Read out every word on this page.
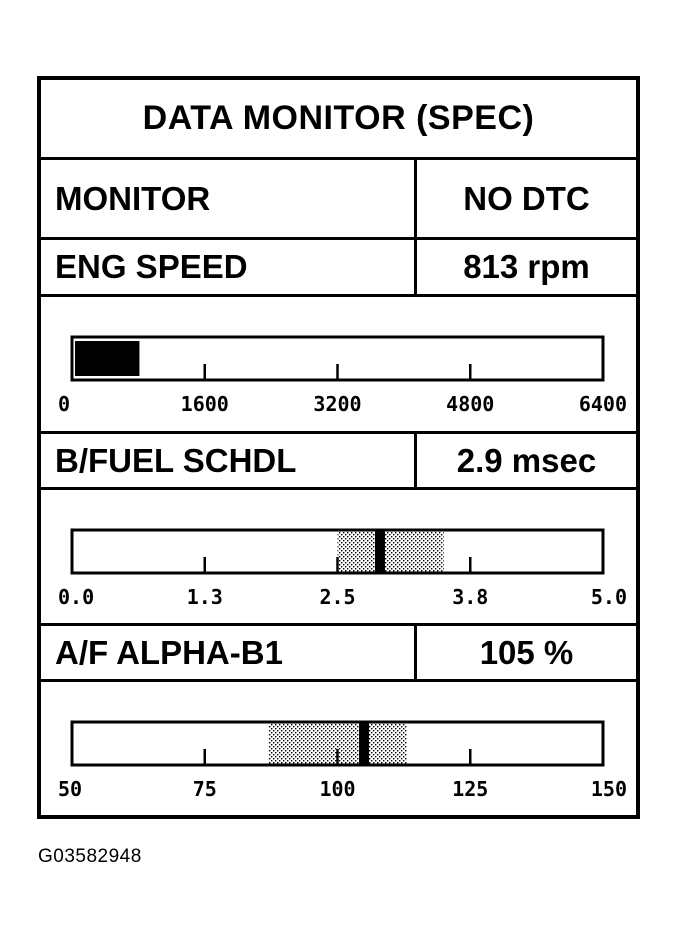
DATA MONITOR (SPEC)
MONITOR	NO DTC
ENG SPEED	813 rpm
0	1600	3200	4800	6400
B/FUEL SCHDL	2.9 msec
0.0	1.3	2.5	3.8	5.0
A/F ALPHA-B1	105 %
50	75	100	125	150
G03582948
